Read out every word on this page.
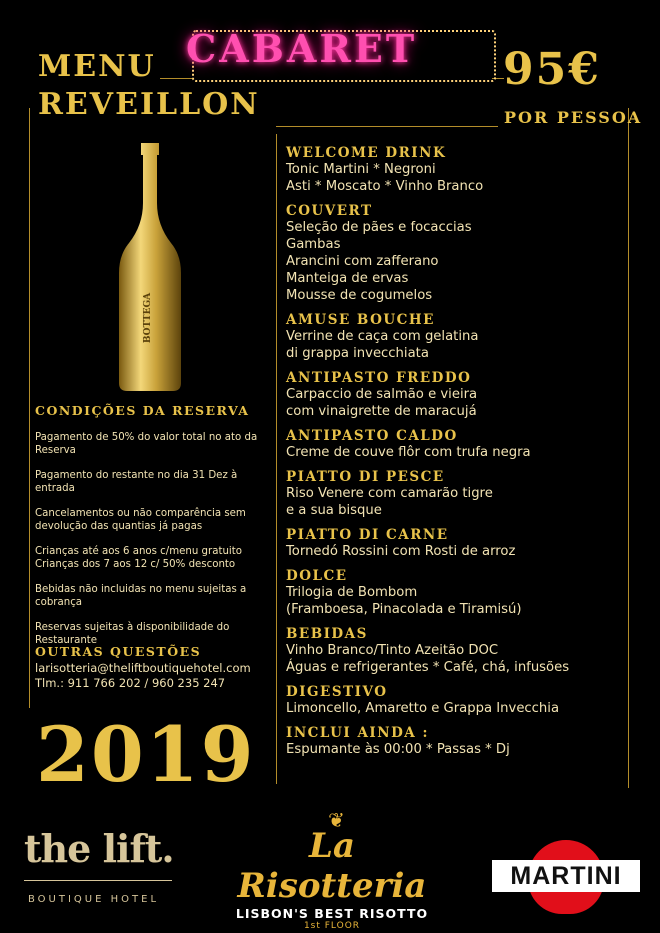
MENU
REVEILLON
CABARET 95€
POR PESSOA
BOTTEGA
CONDIÇÕES DA RESERVA
Pagamento de 50% do valor total no ato da Reserva
Pagamento do restante no dia 31 Dez à entrada
Cancelamentos ou não comparência sem devolução das quantias já pagas
Crianças até aos 6 anos c/menu gratuito
Crianças dos 7 aos 12 c/ 50% desconto
Bebidas não incluidas no menu sujeitas a cobrança
Reservas sujeitas à disponibilidade do Restaurante
OUTRAS QUESTÕES
larisotteria@theliftboutiquehotel.com
Tlm.: 911 766 202 / 960 235 247
2019
WELCOME DRINK
Tonic Martini * Negroni
Asti * Moscato * Vinho Branco
COUVERT
Seleção de pães e focaccias
Gambas
Arancini com zafferano
Manteiga de ervas
Mousse de cogumelos
AMUSE BOUCHE
Verrine de caça com gelatina
di grappa invecchiata
ANTIPASTO FREDDO
Carpaccio de salmão e vieira
com vinaigrette de maracujá
ANTIPASTO CALDO
Creme de couve flôr com trufa negra
PIATTO DI PESCE
Riso Venere com camarão tigre
e a sua bisque
PIATTO DI CARNE
Tornedó Rossini com Rosti de arroz
DOLCE
Trilogia de Bombom
(Framboesa, Pinacolada e Tiramisú)
BEBIDAS
Vinho Branco/Tinto Azeitão DOC
Águas e refrigerantes * Café, chá, infusões
DIGESTIVO
Limoncello, Amaretto e Grappa Invecchia
INCLUI AINDA :
Espumante às 00:00 * Passas * Dj
the lift.
BOUTIQUE HOTEL
❦
La Risotteria
LISBON'S BEST RISOTTO
1st FLOOR
MARTINI
